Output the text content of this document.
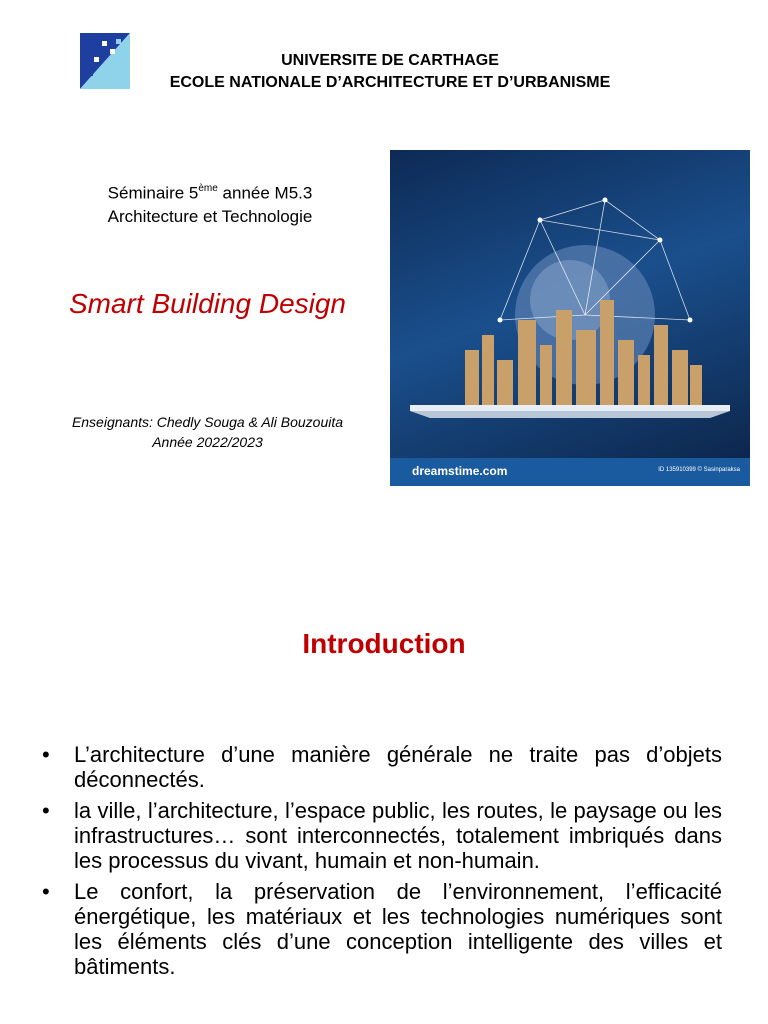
UNIVERSITE DE CARTHAGE
ECOLE NATIONALE D’ARCHITECTURE ET D’URBANISME
Séminaire 5ème année M5.3
Architecture et Technologie
Smart Building Design
Enseignants: Chedly Souga & Ali Bouzouita
Année 2022/2023
dreamstime.com	ID 135910399 © Sasinparaksa
Introduction
• L’architecture d’une manière générale ne traite pas d’objets déconnectés.
• la ville, l’architecture, l’espace public, les routes, le paysage ou les infrastructures… sont interconnectés, totalement imbriqués dans les processus du vivant, humain et non-humain.
• Le confort, la préservation de l’environnement, l’efficacité énergétique, les matériaux et les technologies numériques sont les éléments clés d’une conception intelligente des villes et bâtiments.
